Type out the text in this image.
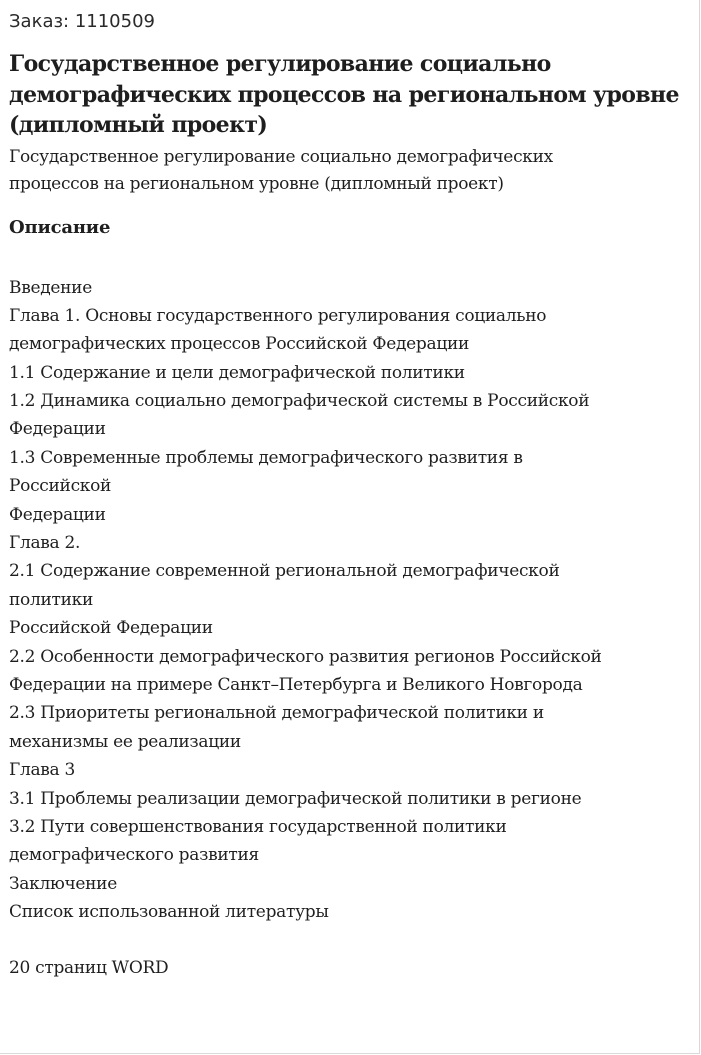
Заказ: 1110509
Государственное регулирование социально
демографических процессов на региональном уровне
(дипломный проект)
Государственное регулирование социально демографических
процессов на региональном уровне (дипломный проект)
Описание
Введение
Глава 1. Основы государственного регулирования социально
демографических процессов Российской Федерации
1.1 Содержание и цели демографической политики
1.2 Динамика социально демографической системы в Российской
Федерации
1.3 Современные проблемы демографического развития в
Российской
Федерации
Глава 2.
2.1 Содержание современной региональной демографической
политики
Российской Федерации
2.2 Особенности демографического развития регионов Российской
Федерации на примере Санкт–Петербурга и Великого Новгорода
2.3 Приоритеты региональной демографической политики и
механизмы ее реализации
Глава 3
3.1 Проблемы реализации демографической политики в регионе
3.2 Пути совершенствования государственной политики
демографического развития
Заключение
Список использованной литературы
20 страниц WORD
